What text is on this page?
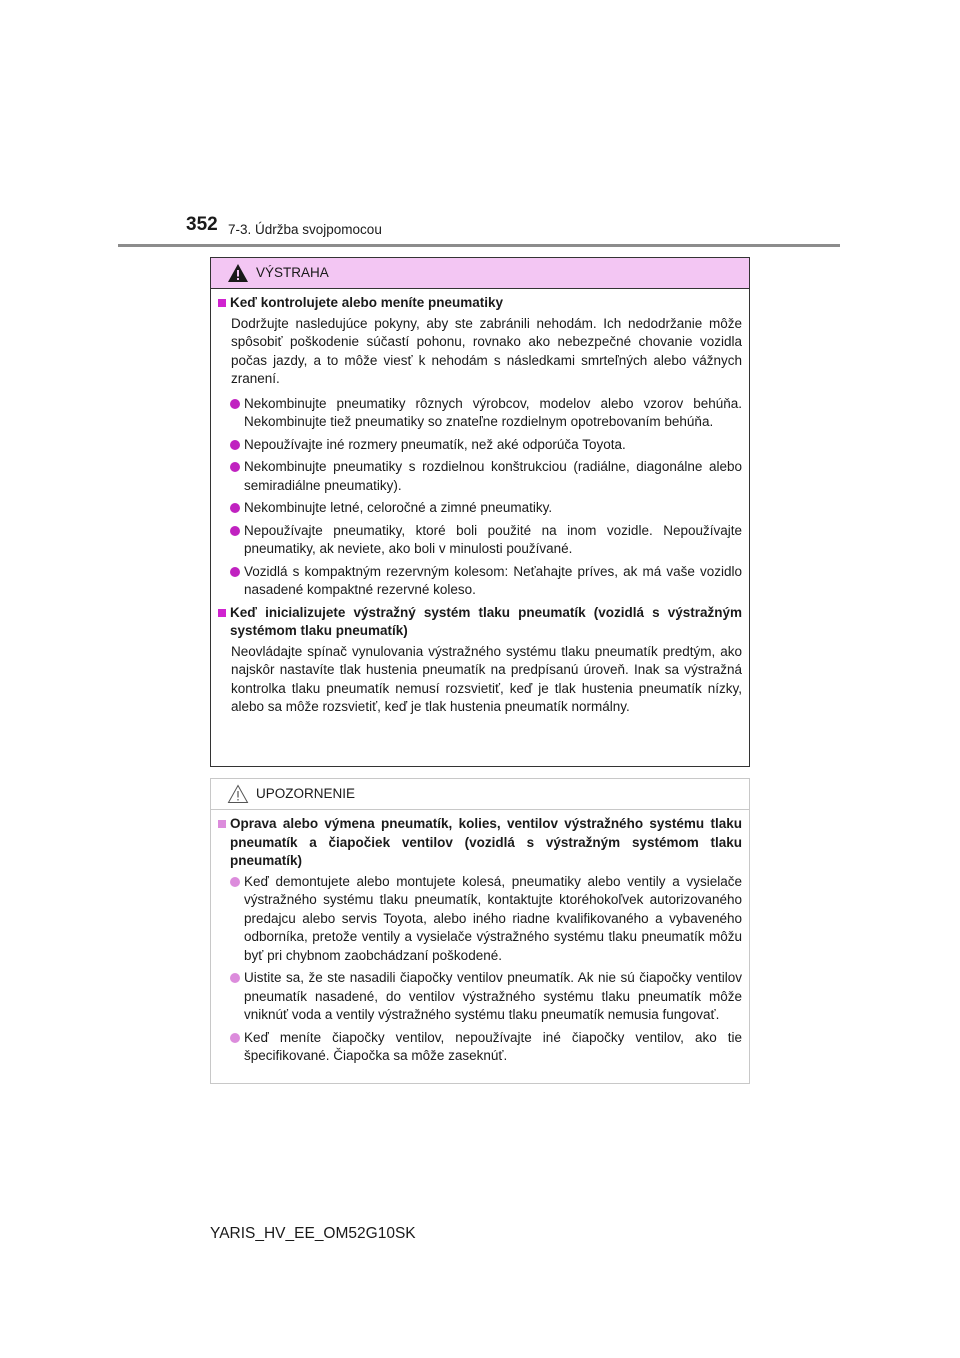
352 7-3. Údržba svojpomocou
VÝSTRAHA
Keď kontrolujete alebo meníte pneumatiky
Dodržujte nasledujúce pokyny, aby ste zabránili nehodám. Ich nedodržanie môže spôsobiť poškodenie súčastí pohonu, rovnako ako nebezpečné chovanie vozidla počas jazdy, a to môže viesť k nehodám s následkami smrteľných alebo vážnych zranení.
Nekombinujte pneumatiky rôznych výrobcov, modelov alebo vzorov behúňa. Nekombinujte tiež pneumatiky so znateľne rozdielnym opotrebovaním behúňa.
Nepoužívajte iné rozmery pneumatík, než aké odporúča Toyota.
Nekombinujte pneumatiky s rozdielnou konštrukciou (radiálne, diagonálne alebo semiradiálne pneumatiky).
Nekombinujte letné, celoročné a zimné pneumatiky.
Nepoužívajte pneumatiky, ktoré boli použité na inom vozidle. Nepoužívajte pneumatiky, ak neviete, ako boli v minulosti používané.
Vozidlá s kompaktným rezervným kolesom: Neťahajte príves, ak má vaše vozidlo nasadené kompaktné rezervné koleso.
Keď inicializujete výstražný systém tlaku pneumatík (vozidlá s výstražným systémom tlaku pneumatík)
Neovládajte spínač vynulovania výstražného systému tlaku pneumatík predtým, ako najskôr nastavíte tlak hustenia pneumatík na predpísanú úroveň. Inak sa výstražná kontrolka tlaku pneumatík nemusí rozsvietiť, keď je tlak hustenia pneumatík nízky, alebo sa môže rozsvietiť, keď je tlak hustenia pneumatík normálny.
UPOZORNENIE
Oprava alebo výmena pneumatík, kolies, ventilov výstražného systému tlaku pneumatík a čiapočiek ventilov (vozidlá s výstražným systémom tlaku pneumatík)
Keď demontujete alebo montujete kolesá, pneumatiky alebo ventily a vysielače výstražného systému tlaku pneumatík, kontaktujte ktoréhokoľvek autorizovaného predajcu alebo servis Toyota, alebo iného riadne kvalifikovaného a vybaveného odborníka, pretože ventily a vysielače výstražného systému tlaku pneumatík môžu byť pri chybnom zaobchádzaní poškodené.
Uistite sa, že ste nasadili čiapočky ventilov pneumatík. Ak nie sú čiapočky ventilov pneumatík nasadené, do ventilov výstražného systému tlaku pneumatík môže vniknúť voda a ventily výstražného systému tlaku pneumatík nemusia fungovať.
Keď meníte čiapočky ventilov, nepoužívajte iné čiapočky ventilov, ako tie špecifikované. Čiapočka sa môže zaseknúť.
YARIS_HV_EE_OM52G10SK
